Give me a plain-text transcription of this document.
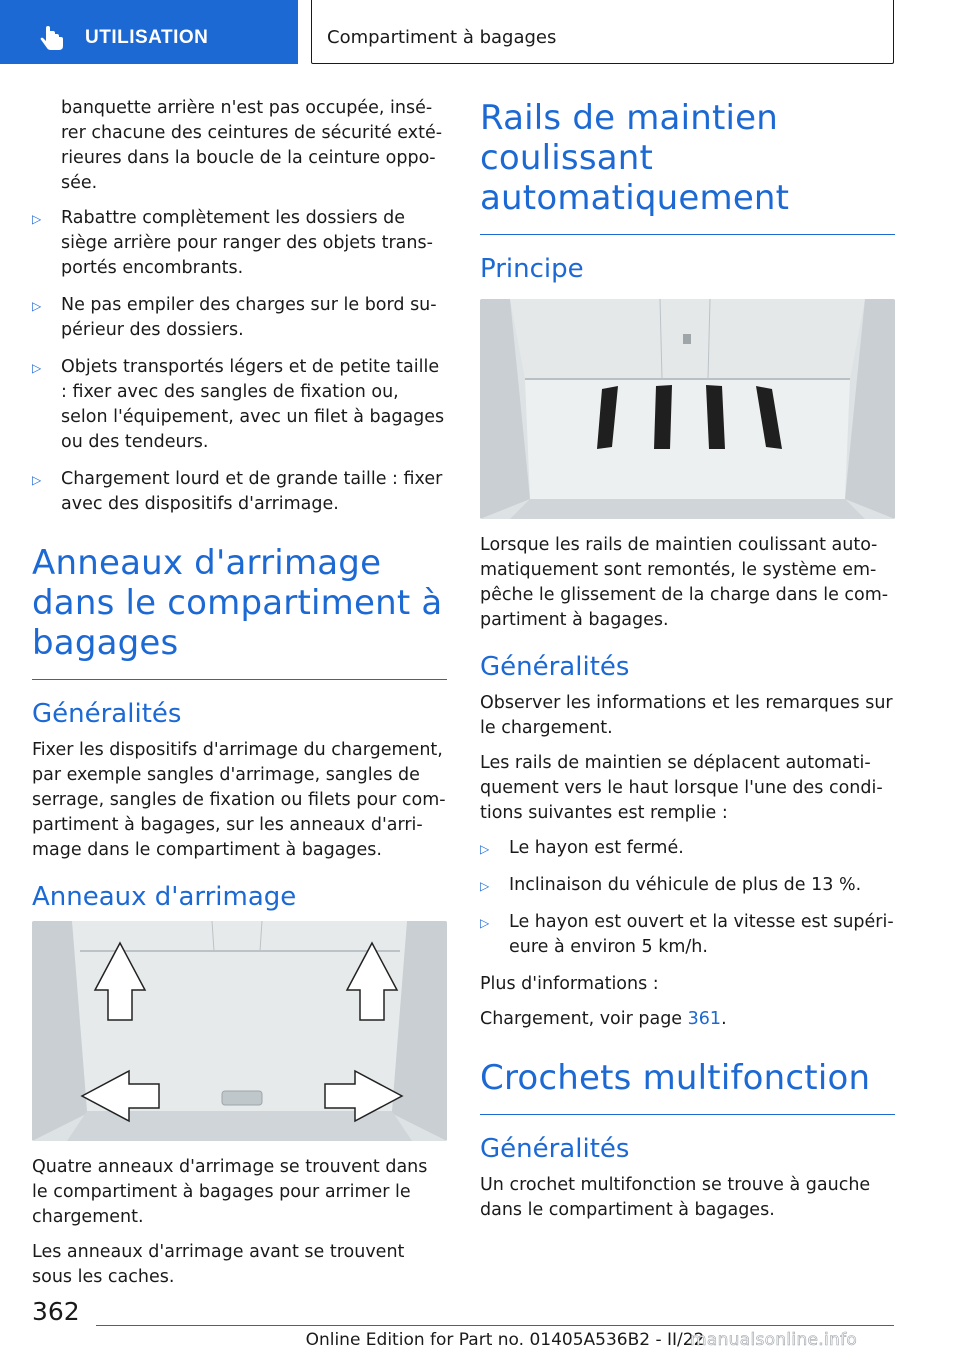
UTILISATION	Compartiment à bagages

banquette arrière n'est pas occupée, insérer chacune des ceintures de sécurité extérieures dans la boucle de la ceinture opposée.

▷ Rabattre complètement les dossiers de siège arrière pour ranger des objets transportés encombrants.
▷ Ne pas empiler des charges sur le bord supérieur des dossiers.
▷ Objets transportés légers et de petite taille : fixer avec des sangles de fixation ou, selon l'équipement, avec un filet à bagages ou des tendeurs.
▷ Chargement lourd et de grande taille : fixer avec des dispositifs d'arrimage.
Anneaux d'arrimage dans le compartiment à bagages
Généralités

Fixer les dispositifs d'arrimage du chargement, par exemple sangles d'arrimage, sangles de serrage, sangles de fixation ou filets pour compartiment à bagages, sur les anneaux d'arrimage dans le compartiment à bagages.

Anneaux d'arrimage

Quatre anneaux d'arrimage se trouvent dans le compartiment à bagages pour arrimer le chargement.

Les anneaux d'arrimage avant se trouvent sous les caches.

Rails de maintien coulissant automatiquement
Principe

Lorsque les rails de maintien coulissant automatiquement sont remontés, le système empêche le glissement de la charge dans le compartiment à bagages.

Généralités

Observer les informations et les remarques sur le chargement.

Les rails de maintien se déplacent automatiquement vers le haut lorsque l'une des conditions suivantes est remplie :

▷ Le hayon est fermé.
▷ Inclinaison du véhicule de plus de 13 %.
▷ Le hayon est ouvert et la vitesse est supérieure à environ 5 km/h.

Plus d'informations :

Chargement, voir page 361.

Crochets multifonction
Généralités

Un crochet multifonction se trouve à gauche dans le compartiment à bagages.

362
Online Edition for Part no. 01405A536B2 - II/22
manualsonline.info
